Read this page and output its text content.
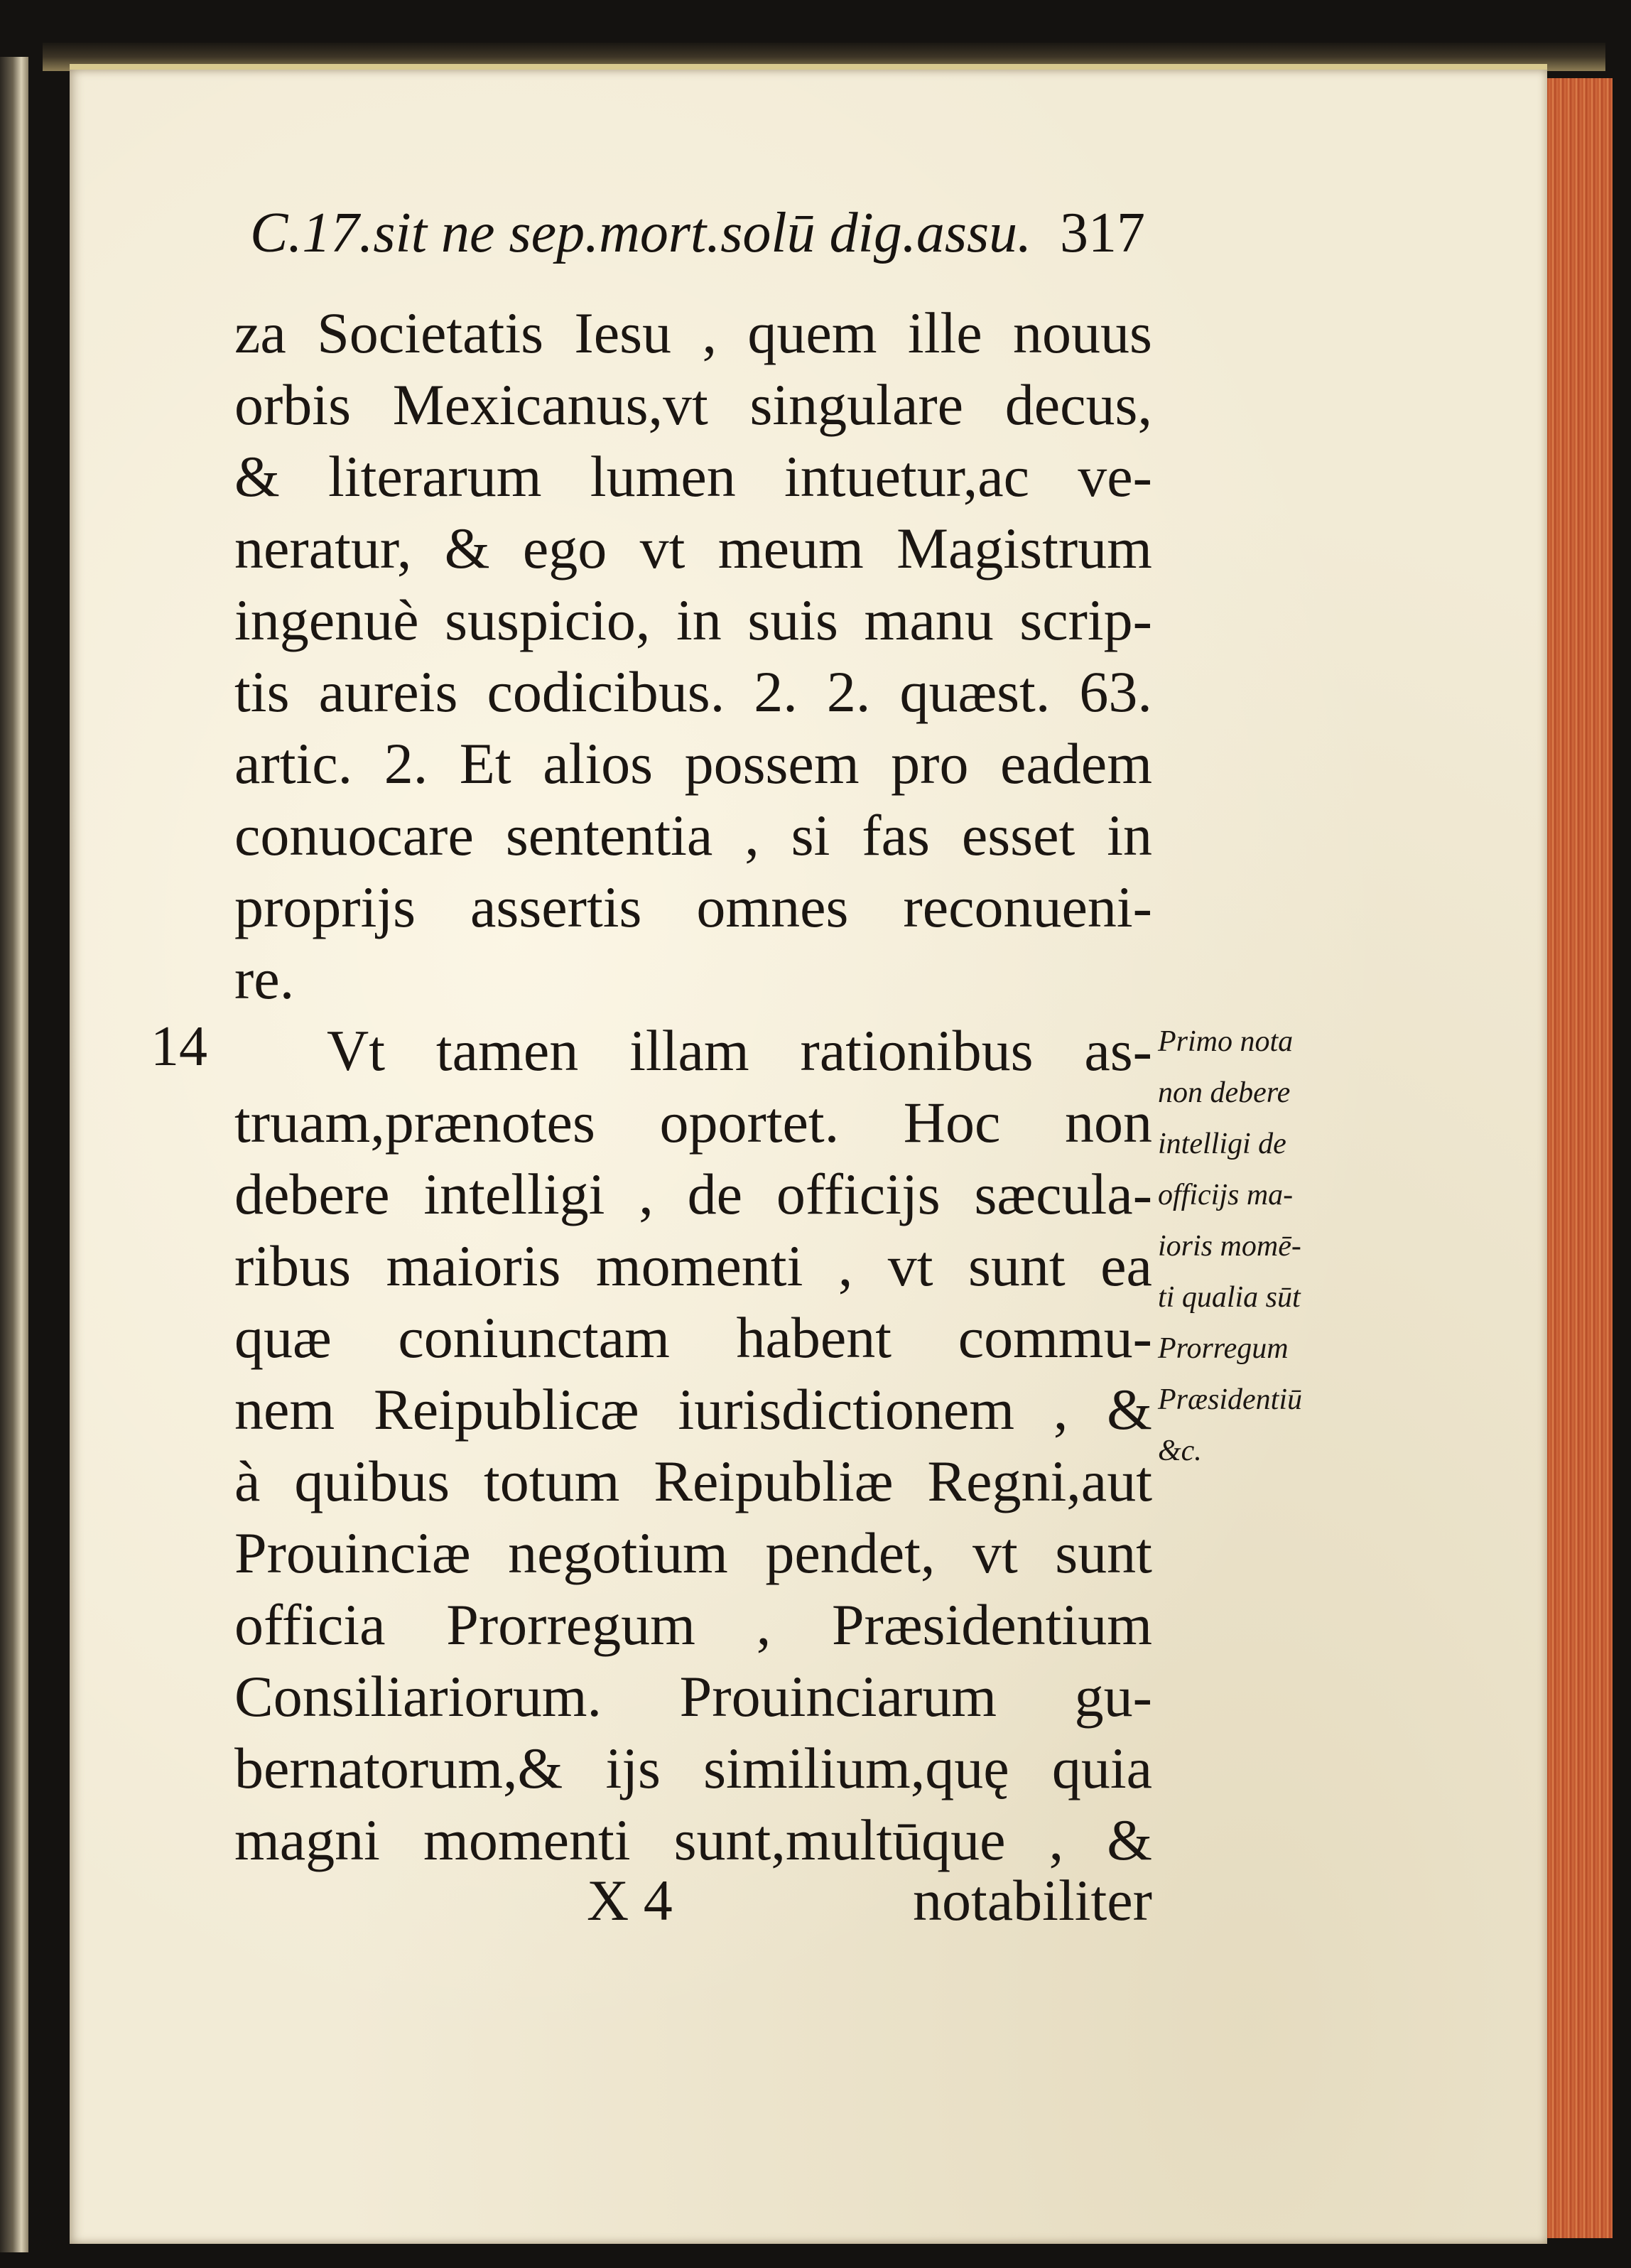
C.17.sit ne sep.mort.solū dig.assu. 317
za Societatis Iesu , quem ille nouus
orbis Mexicanus,vt singulare decus,
& literarum lumen intuetur,ac ve-
neratur, & ego vt meum Magistrum
ingenuè suspicio, in suis manu scrip-
tis aureis codicibus. 2. 2. quæst. 63.
artic. 2. Et alios possem pro eadem
conuocare sententia , si fas esset in
proprijs assertis omnes reconueni-
re.
Vt tamen illam rationibus as-
truam,prænotes oportet. Hoc non
debere intelligi , de officijs sæcula-
ribus maioris momenti , vt sunt ea
quæ coniunctam habent commu-
nem Reipublicæ iurisdictionem , &
à quibus totum Reipubliæ Regni,aut
Prouinciæ negotium pendet, vt sunt
officia Prorregum , Præsidentium
Consiliariorum. Prouinciarum gu-
bernatorum,& ijs similium,quę quia
magni momenti sunt,multūque , &
14	Primo nota
non debere
intelligi de
officijs ma-
ioris momē-
ti qualia sūt
Prorregum
Præsidentiū
&c.
X 4	notabiliter
